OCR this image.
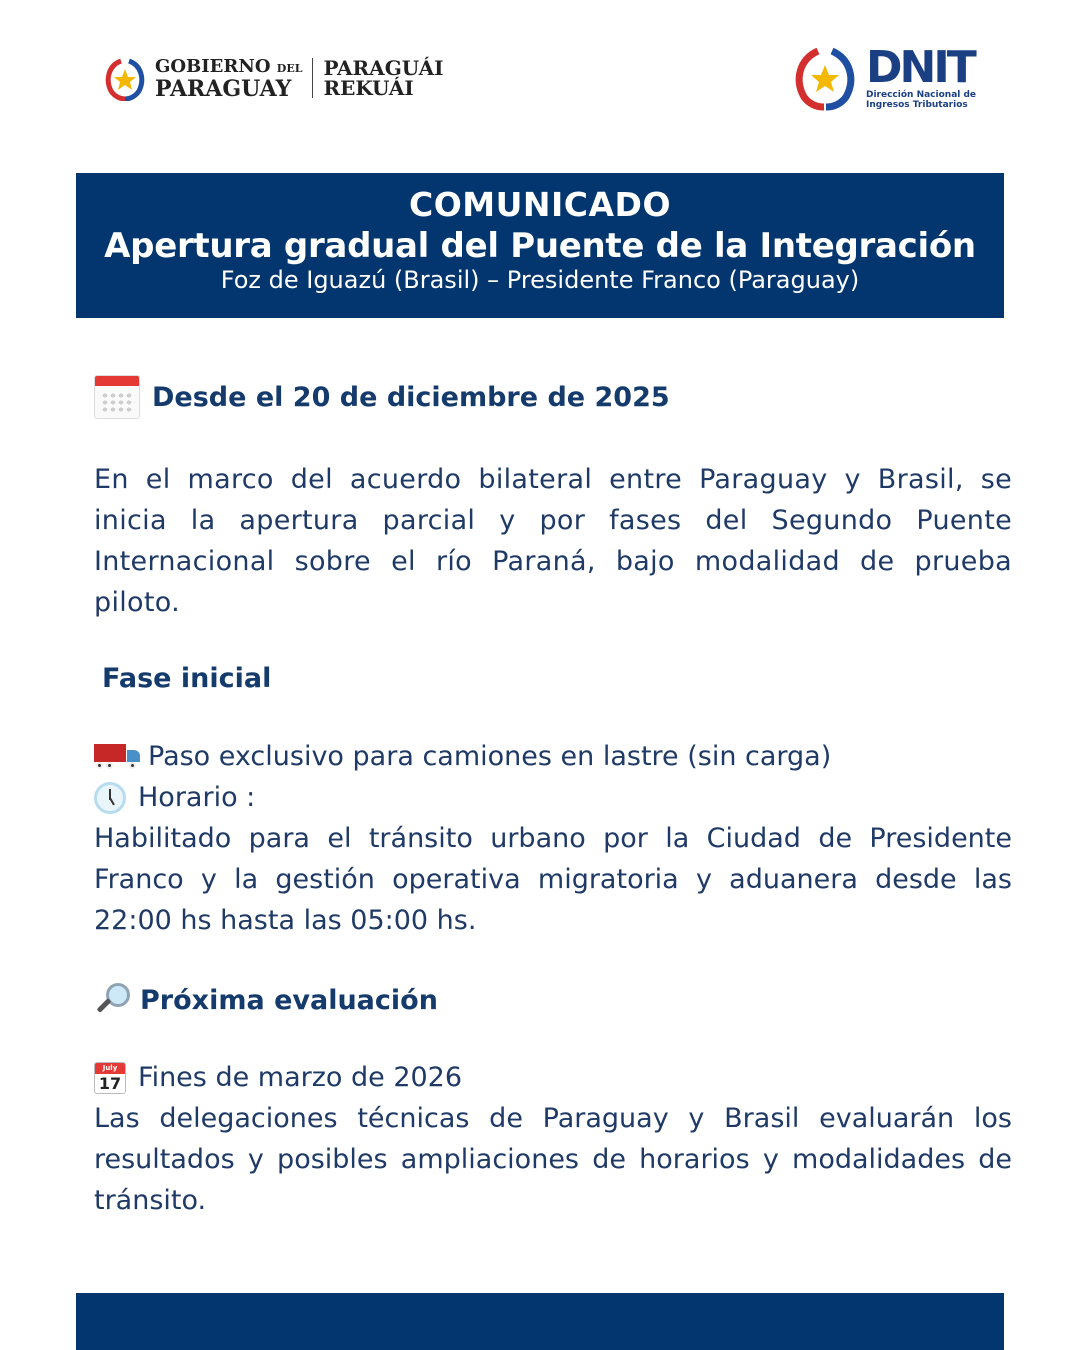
GOBIERNO DEL
PARAGUAY
PARAGUÁI
REKUÁI	DNIT
Dirección Nacional de
Ingresos Tributarios
COMUNICADO
Apertura gradual del Puente de la Integración
Foz de Iguazú (Brasil) – Presidente Franco (Paraguay)
Desde el 20 de diciembre de 2025

En el marco del acuerdo bilateral entre Paraguay y Brasil, se inicia la apertura parcial y por fases del Segundo Puente Internacional sobre el río Paraná, bajo modalidad de prueba piloto.

Fase inicial
Paso exclusivo para camiones en lastre (sin carga)
Horario :

Habilitado para el tránsito urbano por la Ciudad de Presidente Franco y la gestión operativa migratoria y aduanera desde las 22:00 hs hasta las 05:00 hs.

Próxima evaluación
July
17 Fines de marzo de 2026

Las delegaciones técnicas de Paraguay y Brasil evaluarán los resultados y posibles ampliaciones de horarios y modalidades de tránsito.
